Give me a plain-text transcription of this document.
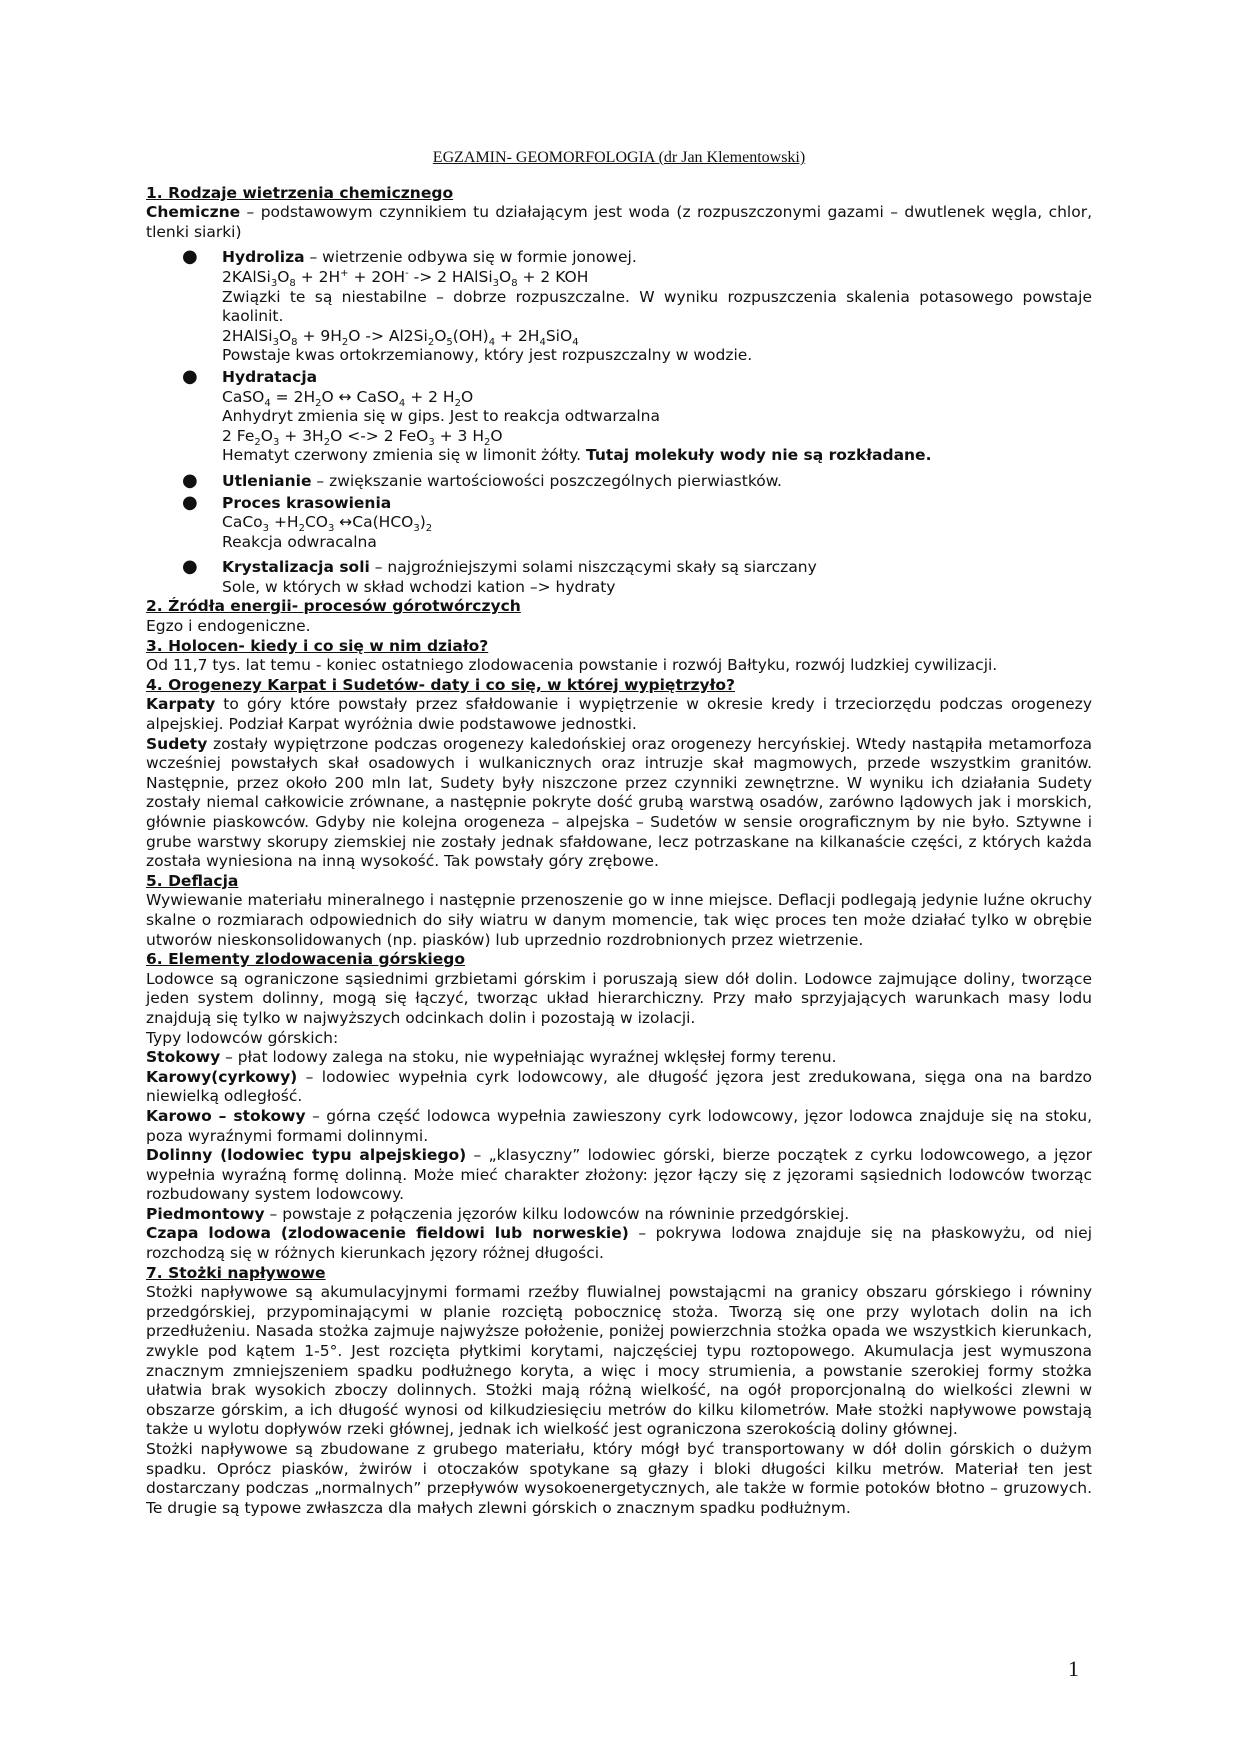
EGZAMIN- GEOMORFOLOGIA (dr Jan Klementowski)
1. Rodzaje wietrzenia chemicznego
Chemiczne – podstawowym czynnikiem tu działającym jest woda (z rozpuszczonymi gazami – dwutlenek węgla, chlor, tlenki siarki)
● Hydroliza – wietrzenie odbywa się w formie jonowej.
$2KAlSi_3O_8 + 2H^+ + 2OH^- -> 2$ $HAlSi_3O_8 + 2$ KOH
Związki te są niestabilne – dobrze rozpuszczalne. W wyniku rozpuszczenia skalenia potasowego powstaje kaolinit.
$2HAlSi_3O_8 + 9H_2O -> Al2Si_2O_5(OH)_4 + 2H_4SiO_4$
Powstaje kwas ortokrzemianowy, który jest rozpuszczalny w wodzie.
● Hydratacja
CaSO$_4$ = $2H_2O$ ↔ CaSO$_4$ + 2 $H_2O$
Anhydryt zmienia się w gips. Jest to reakcja odtwarzalna
2 $Fe_2O_3 + 3H_2O$ <-> 2 FeO$_3$ + 3 $H_2O$
Hematyt czerwony zmienia się w limonit żółty. Tutaj molekuły wody nie są rozkładane.
● Utlenianie – zwiększanie wartościowości poszczególnych pierwiastków.
● Proces krasowienia
CaCo$_3$ $+H_2CO_3$ $\leftrightarrow Ca(HCO_3)_2$
Reakcja odwracalna
● Krystalizacja soli – najgroźniejszymi solami niszczącymi skały są siarczany
Sole, w których w skład wchodzi kation –> hydraty
2. Źródła energii- procesów górotwórczych
Egzo i endogeniczne.
3. Holocen- kiedy i co się w nim działo?
Od 11,7 tys. lat temu - koniec ostatniego zlodowacenia powstanie i rozwój Bałtyku, rozwój ludzkiej cywilizacji.
4. Orogenezy Karpat i Sudetów- daty i co się, w której wypiętrzyło?
Karpaty to góry które powstały przez sfałdowanie i wypiętrzenie w okresie kredy i trzeciorzędu podczas orogenezy alpejskiej. Podział Karpat wyróżnia dwie podstawowe jednostki.
Sudety zostały wypiętrzone podczas orogenezy kaledońskiej oraz orogenezy hercyńskiej. Wtedy nastąpiła metamorfoza wcześniej powstałych skał osadowych i wulkanicznych oraz intruzje skał magmowych, przede wszystkim granitów. Następnie, przez około 200 mln lat, Sudety były niszczone przez czynniki zewnętrzne. W wyniku ich działania Sudety zostały niemal całkowicie zrównane, a następnie pokryte dość grubą warstwą osadów, zarówno lądowych jak i morskich, głównie piaskowców. Gdyby nie kolejna orogeneza – alpejska – Sudetów w sensie orograficznym by nie było. Sztywne i grube warstwy skorupy ziemskiej nie zostały jednak sfałdowane, lecz potrzaskane na kilkanaście części, z których każda została wyniesiona na inną wysokość. Tak powstały góry zrębowe.
5. Deflacja
Wywiewanie materiału mineralnego i następnie przenoszenie go w inne miejsce. Deflacji podlegają jedynie luźne okruchy skalne o rozmiarach odpowiednich do siły wiatru w danym momencie, tak więc proces ten może działać tylko w obrębie utworów nieskonsolidowanych (np. piasków) lub uprzednio rozdrobnionych przez wietrzenie.
6. Elementy zlodowacenia górskiego
Lodowce są ograniczone sąsiednimi grzbietami górskim i poruszają siew dół dolin. Lodowce zajmujące doliny, tworzące jeden system dolinny, mogą się łączyć, tworząc układ hierarchiczny. Przy mało sprzyjających warunkach masy lodu znajdują się tylko w najwyższych odcinkach dolin i pozostają w izolacji.
Typy lodowców górskich:
Stokowy – płat lodowy zalega na stoku, nie wypełniając wyraźnej wklęsłej formy terenu.
Karowy(cyrkowy) – lodowiec wypełnia cyrk lodowcowy, ale długość jęzora jest zredukowana, sięga ona na bardzo niewielką odległość.
Karowo – stokowy – górna część lodowca wypełnia zawieszony cyrk lodowcowy, jęzor lodowca znajduje się na stoku, poza wyraźnymi formami dolinnymi.
Dolinny (lodowiec typu alpejskiego) – „klasyczny” lodowiec górski, bierze początek z cyrku lodowcowego, a jęzor wypełnia wyraźną formę dolinną. Może mieć charakter złożony: jęzor łączy się z jęzorami sąsiednich lodowców tworząc rozbudowany system lodowcowy.
Piedmontowy – powstaje z połączenia jęzorów kilku lodowców na równinie przedgórskiej.
Czapa lodowa (zlodowacenie fieldowi lub norweskie) – pokrywa lodowa znajduje się na płaskowyżu, od niej rozchodzą się w różnych kierunkach jęzory różnej długości.
7. Stożki napływowe
Stożki napływowe są akumulacyjnymi formami rzeźby fluwialnej powstającmi na granicy obszaru górskiego i równiny przedgórskiej, przypominającymi w planie rozciętą pobocznicę stoża. Tworzą się one przy wylotach dolin na ich przedłużeniu. Nasada stożka zajmuje najwyższe położenie, poniżej powierzchnia stożka opada we wszystkich kierunkach, zwykle pod kątem 1-5°. Jest rozcięta płytkimi korytami, najczęściej typu roztopowego. Akumulacja jest wymuszona znacznym zmniejszeniem spadku podłużnego koryta, a więc i mocy strumienia, a powstanie szerokiej formy stożka ułatwia brak wysokich zboczy dolinnych. Stożki mają różną wielkość, na ogół proporcjonalną do wielkości zlewni w obszarze górskim, a ich długość wynosi od kilkudziesięciu metrów do kilku kilometrów. Małe stożki napływowe powstają także u wylotu dopływów rzeki głównej, jednak ich wielkość jest ograniczona szerokością doliny głównej.
Stożki napływowe są zbudowane z grubego materiału, który mógł być transportowany w dół dolin górskich o dużym spadku. Oprócz piasków, żwirów i otoczaków spotykane są głazy i bloki długości kilku metrów. Materiał ten jest dostarczany podczas „normalnych” przepływów wysokoenergetycznych, ale także w formie potoków błotno – gruzowych. Te drugie są typowe zwłaszcza dla małych zlewni górskich o znacznym spadku podłużnym.
1
